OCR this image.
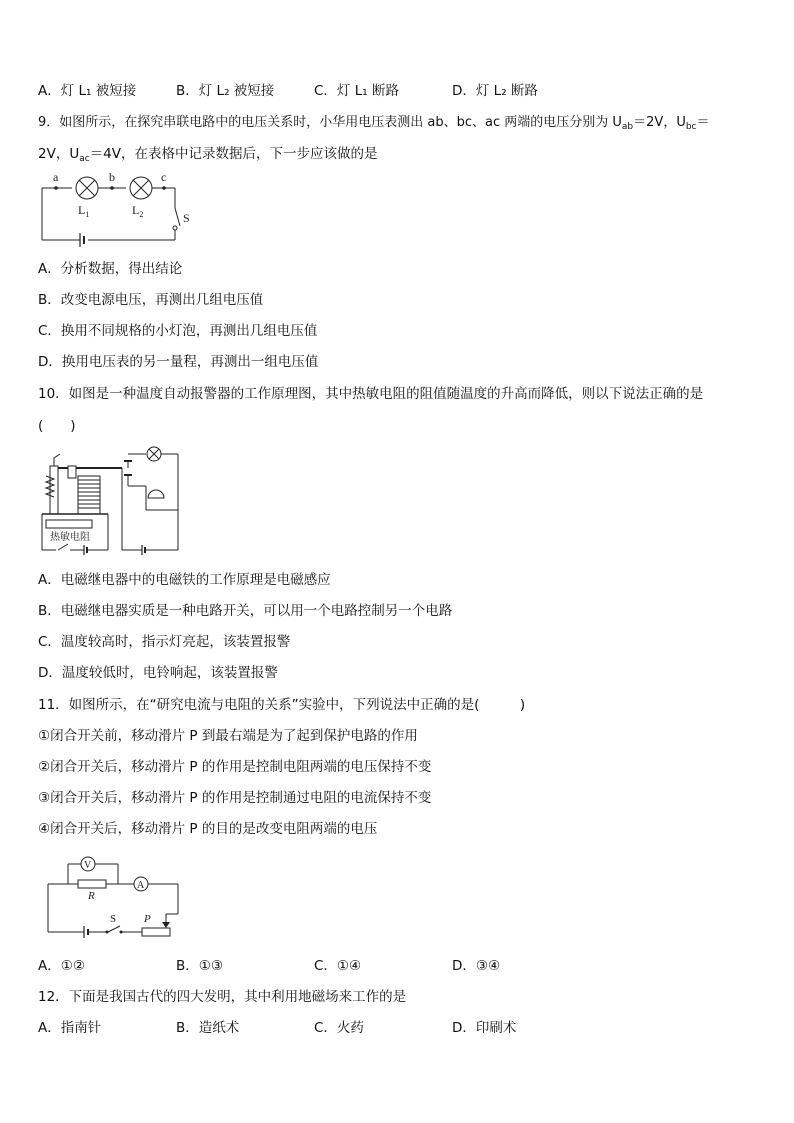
A．灯 L₁ 被短接	B．灯 L₂ 被短接	C．灯 L₁ 断路	D．灯 L₂ 断路
9．如图所示，在探究串联电路中的电压关系时，小华用电压表测出 ab、bc、ac 两端的电压分别为 $U_{ab}=2V$，$U_{bc}=$
2V，$U_{ac}=4V$，在表格中记录数据后，下一步应该做的是
a	b	c
$L_1$	$L_2$	S
A．分析数据，得出结论
B．改变电源电压，再测出几组电压值
C．换用不同规格的小灯泡，再测出几组电压值
D．换用电压表的另一量程，再测出一组电压值
10．如图是一种温度自动报警器的工作原理图，其中热敏电阻的阻值随温度的升高而降低，则以下说法正确的是
(　　)
热敏电阻
A．电磁继电器中的电磁铁的工作原理是电磁感应
B．电磁继电器实质是一种电路开关，可以用一个电路控制另一个电路
C．温度较高时，指示灯亮起，该装置报警
D．温度较低时，电铃响起，该装置报警
11．如图所示，在“研究电流与电阻的关系”实验中，下列说法中正确的是(　　　)
①闭合开关前，移动滑片 P 到最右端是为了起到保护电路的作用
②闭合开关后，移动滑片 P 的作用是控制电阻两端的电压保持不变
③闭合开关后，移动滑片 P 的作用是控制通过电阻的电流保持不变
④闭合开关后，移动滑片 P 的目的是改变电阻两端的电压
V
A
R
S	P
A．①②	B．①③	C．①④	D．③④
12．下面是我国古代的四大发明，其中利用地磁场来工作的是
A．指南针	B．造纸术	C．火药	D．印刷术
